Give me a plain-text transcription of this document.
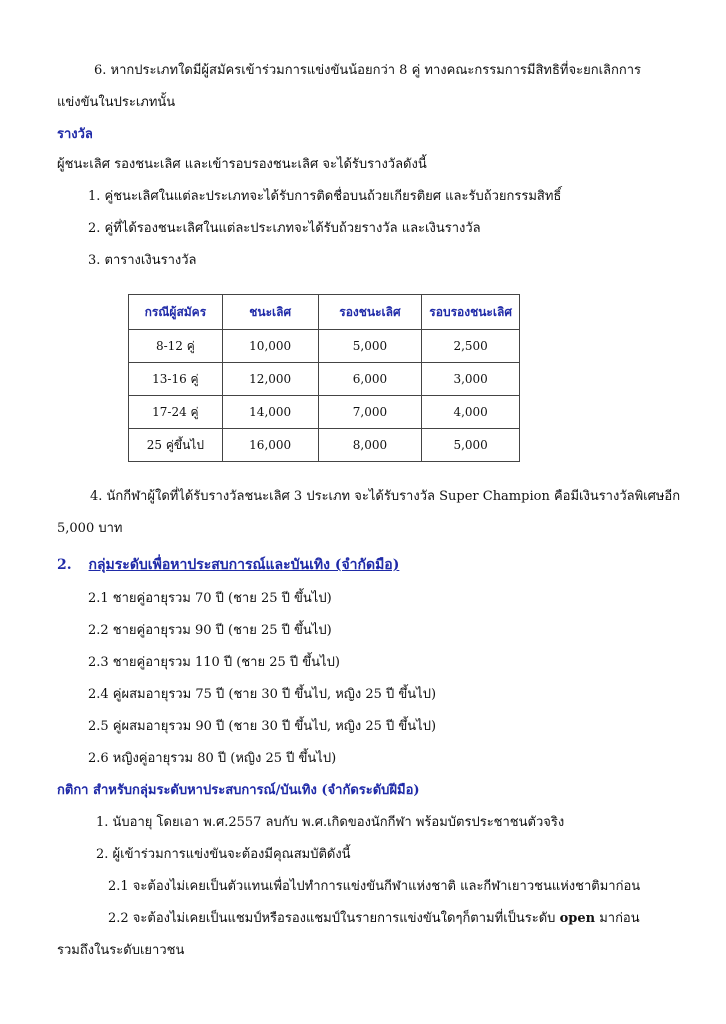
6. หากประเภทใดมีผู้สมัครเข้าร่วมการแข่งขันน้อยกว่า 8 คู่ ทางคณะกรรมการมีสิทธิที่จะยกเลิกการ
แข่งขันในประเภทนั้น
รางวัล
ผู้ชนะเลิศ รองชนะเลิศ และเข้ารอบรองชนะเลิศ จะได้รับรางวัลดังนี้
1. คู่ชนะเลิศในแต่ละประเภทจะได้รับการติดชื่อบนถ้วยเกียรติยศ และรับถ้วยกรรมสิทธิ์
2. คู่ที่ได้รองชนะเลิศในแต่ละประเภทจะได้รับถ้วยรางวัล และเงินรางวัล
3. ตารางเงินรางวัล
กรณีผู้สมัคร	ชนะเลิศ	รองชนะเลิศ	รอบรองชนะเลิศ
8-12 คู่	10,000	5,000	2,500
13-16 คู่	12,000	6,000	3,000
17-24 คู่	14,000	7,000	4,000
25 คู่ขึ้นไป	16,000	8,000	5,000
4. นักกีฬาผู้ใดที่ได้รับรางวัลชนะเลิศ 3 ประเภท จะได้รับรางวัล Super Champion คือมีเงินรางวัลพิเศษอีก
5,000 บาท
2. กลุ่มระดับเพื่อหาประสบการณ์และบันเทิง (จำกัดมือ)
2.1 ชายคู่อายุรวม 70 ปี (ชาย 25 ปี ขึ้นไป)
2.2 ชายคู่อายุรวม 90 ปี (ชาย 25 ปี ขึ้นไป)
2.3 ชายคู่อายุรวม 110 ปี (ชาย 25 ปี ขึ้นไป)
2.4 คู่ผสมอายุรวม 75 ปี (ชาย 30 ปี ขึ้นไป, หญิง 25 ปี ขึ้นไป)
2.5 คู่ผสมอายุรวม 90 ปี (ชาย 30 ปี ขึ้นไป, หญิง 25 ปี ขึ้นไป)
2.6 หญิงคู่อายุรวม 80 ปี (หญิง 25 ปี ขึ้นไป)
กติกา สำหรับกลุ่มระดับหาประสบการณ์/บันเทิง (จำกัดระดับฝีมือ)
1. นับอายุ โดยเอา พ.ศ.2557 ลบกับ พ.ศ.เกิดของนักกีฬา พร้อมบัตรประชาชนตัวจริง
2. ผู้เข้าร่วมการแข่งขันจะต้องมีคุณสมบัติดังนี้
2.1 จะต้องไม่เคยเป็นตัวแทนเพื่อไปทำการแข่งขันกีฬาแห่งชาติ และกีฬาเยาวชนแห่งชาติมาก่อน
2.2 จะต้องไม่เคยเป็นแชมป์หรือรองแชมป์ในรายการแข่งขันใดๆก็ตามที่เป็นระดับ open มาก่อน
รวมถึงในระดับเยาวชน
